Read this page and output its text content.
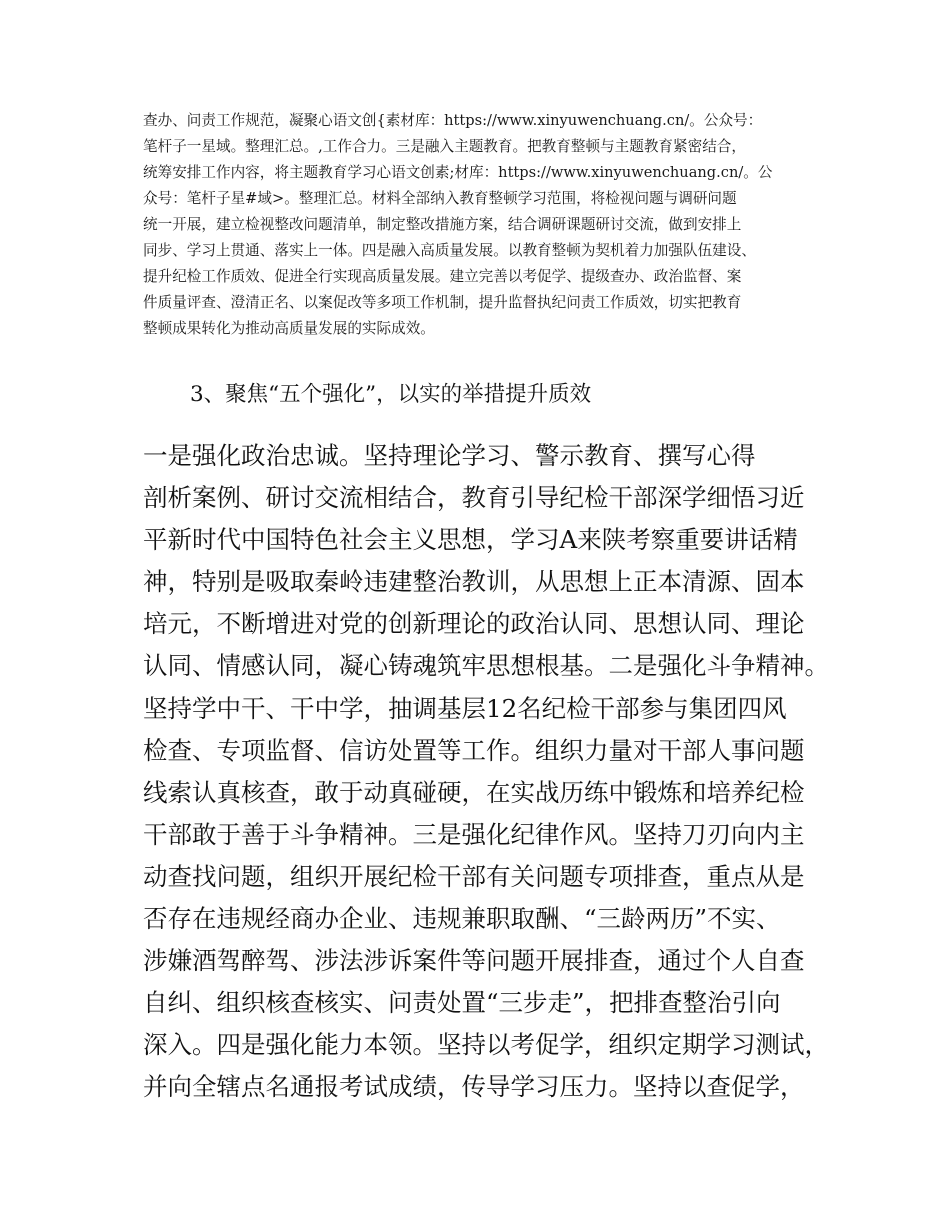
查办、问责工作规范，凝聚心语文创{素材库：https://www.xinyuwenchuang.cn/。公众号：
笔杆子一星域。整理汇总。,工作合力。三是融入主题教育。把教育整顿与主题教育紧密结合，
统筹安排工作内容，将主题教育学习心语文创素;材库：https://www.xinyuwenchuang.cn/。公
众号：笔杆子星#域>。整理汇总。材料全部纳入教育整顿学习范围，将检视问题与调研问题
统一开展，建立检视整改问题清单，制定整改措施方案，结合调研课题研讨交流，做到安排上
同步、学习上贯通、落实上一体。四是融入高质量发展。以教育整顿为契机着力加强队伍建设、
提升纪检工作质效、促进全行实现高质量发展。建立完善以考促学、提级查办、政治监督、案
件质量评查、澄清正名、以案促改等多项工作机制，提升监督执纪问责工作质效，切实把教育
整顿成果转化为推动高质量发展的实际成效。
3、聚焦“五个强化”，以实的举措提升质效
一是强化政治忠诚。坚持理论学习、警示教育、撰写心得
剖析案例、研讨交流相结合，教育引导纪检干部深学细悟习近
平新时代中国特色社会主义思想，学习A来陕考察重要讲话精
神，特别是吸取秦岭违建整治教训，从思想上正本清源、固本
培元，不断增进对党的创新理论的政治认同、思想认同、理论
认同、情感认同，凝心铸魂筑牢思想根基。二是强化斗争精神。
坚持学中干、干中学，抽调基层12名纪检干部参与集团四风
检查、专项监督、信访处置等工作。组织力量对干部人事问题
线索认真核查，敢于动真碰硬，在实战历练中锻炼和培养纪检
干部敢于善于斗争精神。三是强化纪律作风。坚持刀刃向内主
动查找问题，组织开展纪检干部有关问题专项排查，重点从是
否存在违规经商办企业、违规兼职取酬、“三龄两历”不实、
涉嫌酒驾醉驾、涉法涉诉案件等问题开展排查，通过个人自查
自纠、组织核查核实、问责处置“三步走”，把排查整治引向
深入。四是强化能力本领。坚持以考促学，组织定期学习测试，
并向全辖点名通报考试成绩，传导学习压力。坚持以查促学，
